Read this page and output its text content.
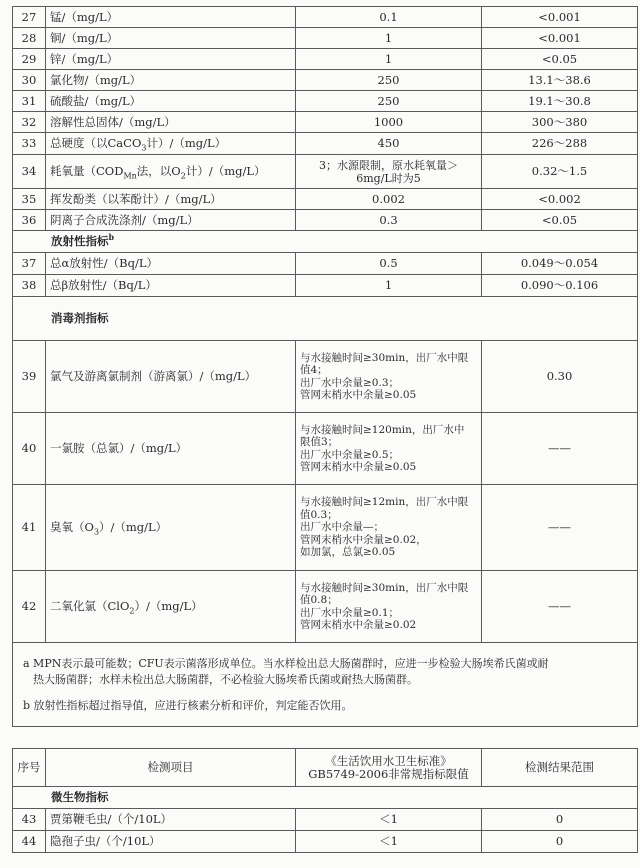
27	锰/（mg/L）	0.1	<0.001
28	铜/（mg/L）	1	<0.001
29	锌/（mg/L）	1	<0.05
30	氯化物/（mg/L）	250	13.1～38.6
31	硫酸盐/（mg/L）	250	19.1～30.8
32	溶解性总固体/（mg/L）	1000	300～380
33	总硬度（以CaCO$_3$计）/（mg/L）	450	226～288
34	耗氧量（$COD_{Mn}$法，以$O_2$计）/（mg/L）	3；水源限制，原水耗氧量＞6mg/L时为5	0.32～1.5
35	挥发酚类（以苯酚计）/（mg/L）	0.002	<0.002
36	阴离子合成洗涤剂/（mg/L）	0.3	<0.05
放射性指标$^b$
37	总α放射性/（Bq/L）	0.5	0.049～0.054
38	总β放射性/（Bq/L）	1	0.090～0.106
消毒剂指标			
39	氯气及游离氯制剂（游离氯）/（mg/L）	与水接触时间≥30min，出厂水中限
值4；
出厂水中余量≥0.3；
管网末梢水中余量≥0.05	0.30
40	一氯胺（总氯）/（mg/L）	与水接触时间≥120min，出厂水中
限值3；
出厂水中余量≥0.5；
管网末梢水中余量≥0.05	——
41	臭氧$(O_3)/(mg/L)$	与水接触时间≥12min，出厂水中限
值0.3；
出厂水中余量—；
管网末梢水中余量≥0.02，
如加氯，总氯≥0.05	——
42	二氧化氯（ClO$_2$）/（mg/L）	与水接触时间≥30min，出厂水中限
值0.8；
出厂水中余量≥0.1；
管网末梢水中余量≥0.02	——

a MPN表示最可能数；CFU表示菌落形成单位。当水样检出总大肠菌群时，应进一步检验大肠埃希氏菌或耐
热大肠菌群；水样未检出总大肠菌群，不必检验大肠埃希氏菌或耐热大肠菌群。
b 放射性指标超过指导值，应进行核素分析和评价，判定能否饮用。			
序号	检测项目	《生活饮用水卫生标准》
GB5749-2006非常规指标限值	检测结果范围
微生物指标			
43	贾第鞭毛虫/（个/10L）	＜1	0
44	隐孢子虫/（个/10L）	＜1	0
